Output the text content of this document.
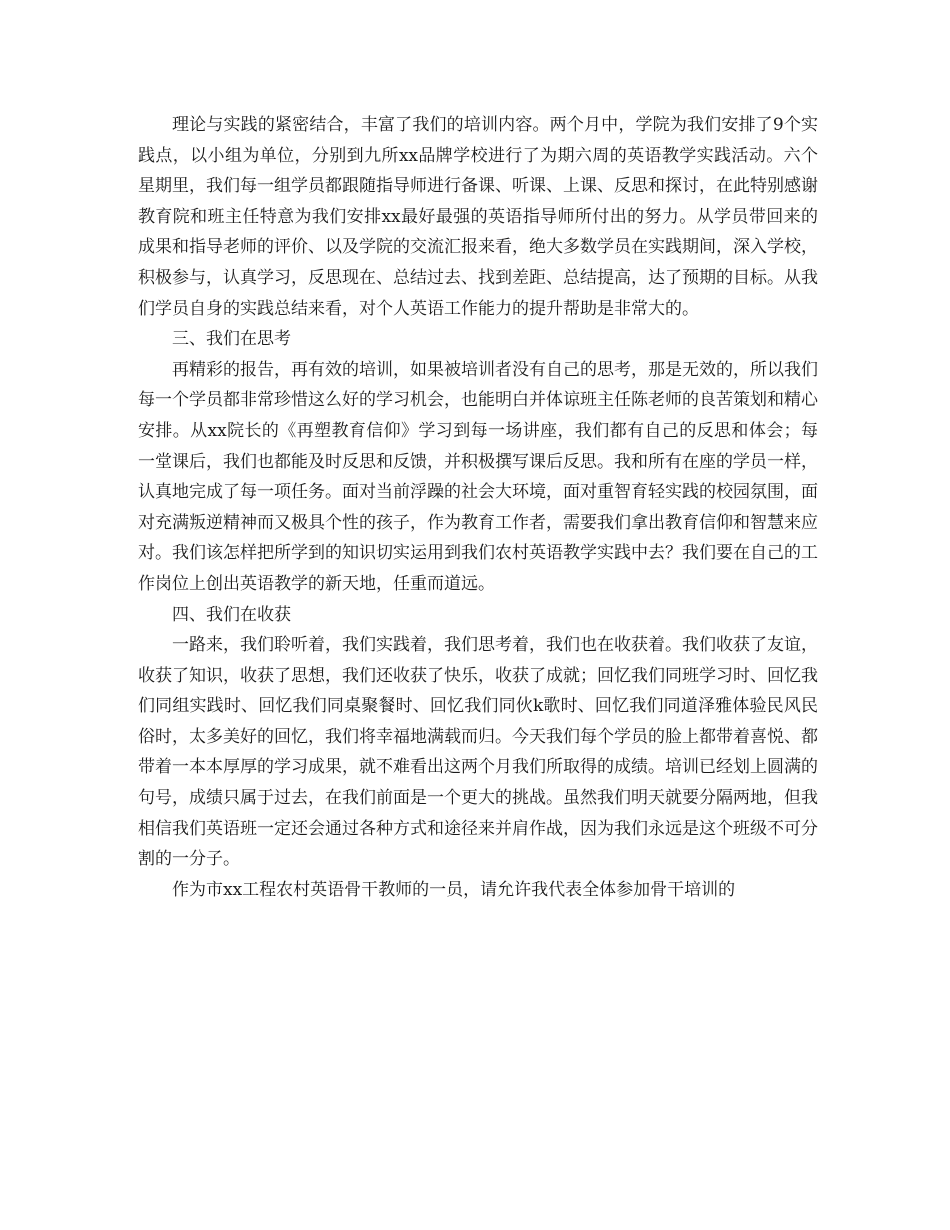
理论与实践的紧密结合，丰富了我们的培训内容。两个月中，学院为我们安排了9个实践点，以小组为单位，分别到九所xx品牌学校进行了为期六周的英语教学实践活动。六个星期里，我们每一组学员都跟随指导师进行备课、听课、上课、反思和探讨，在此特别感谢教育院和班主任特意为我们安排xx最好最强的英语指导师所付出的努力。从学员带回来的成果和指导老师的评价、以及学院的交流汇报来看，绝大多数学员在实践期间，深入学校，积极参与，认真学习，反思现在、总结过去、找到差距、总结提高，达了预期的目标。从我们学员自身的实践总结来看，对个人英语工作能力的提升帮助是非常大的。

三、我们在思考

再精彩的报告，再有效的培训，如果被培训者没有自己的思考，那是无效的，所以我们每一个学员都非常珍惜这么好的学习机会，也能明白并体谅班主任陈老师的良苦策划和精心安排。从xx院长的《再塑教育信仰》学习到每一场讲座，我们都有自己的反思和体会；每一堂课后，我们也都能及时反思和反馈，并积极撰写课后反思。我和所有在座的学员一样，认真地完成了每一项任务。面对当前浮躁的社会大环境，面对重智育轻实践的校园氛围，面对充满叛逆精神而又极具个性的孩子，作为教育工作者，需要我们拿出教育信仰和智慧来应对。我们该怎样把所学到的知识切实运用到我们农村英语教学实践中去？我们要在自己的工作岗位上创出英语教学的新天地，任重而道远。

四、我们在收获

一路来，我们聆听着，我们实践着，我们思考着，我们也在收获着。我们收获了友谊，收获了知识，收获了思想，我们还收获了快乐，收获了成就；回忆我们同班学习时、回忆我们同组实践时、回忆我们同桌聚餐时、回忆我们同伙k歌时、回忆我们同道泽雅体验民风民俗时，太多美好的回忆，我们将幸福地满载而归。今天我们每个学员的脸上都带着喜悦、都带着一本本厚厚的学习成果，就不难看出这两个月我们所取得的成绩。培训已经划上圆满的句号，成绩只属于过去，在我们前面是一个更大的挑战。虽然我们明天就要分隔两地，但我相信我们英语班一定还会通过各种方式和途径来并肩作战，因为我们永远是这个班级不可分割的一分子。

作为市xx工程农村英语骨干教师的一员，请允许我代表全体参加骨干培训的
